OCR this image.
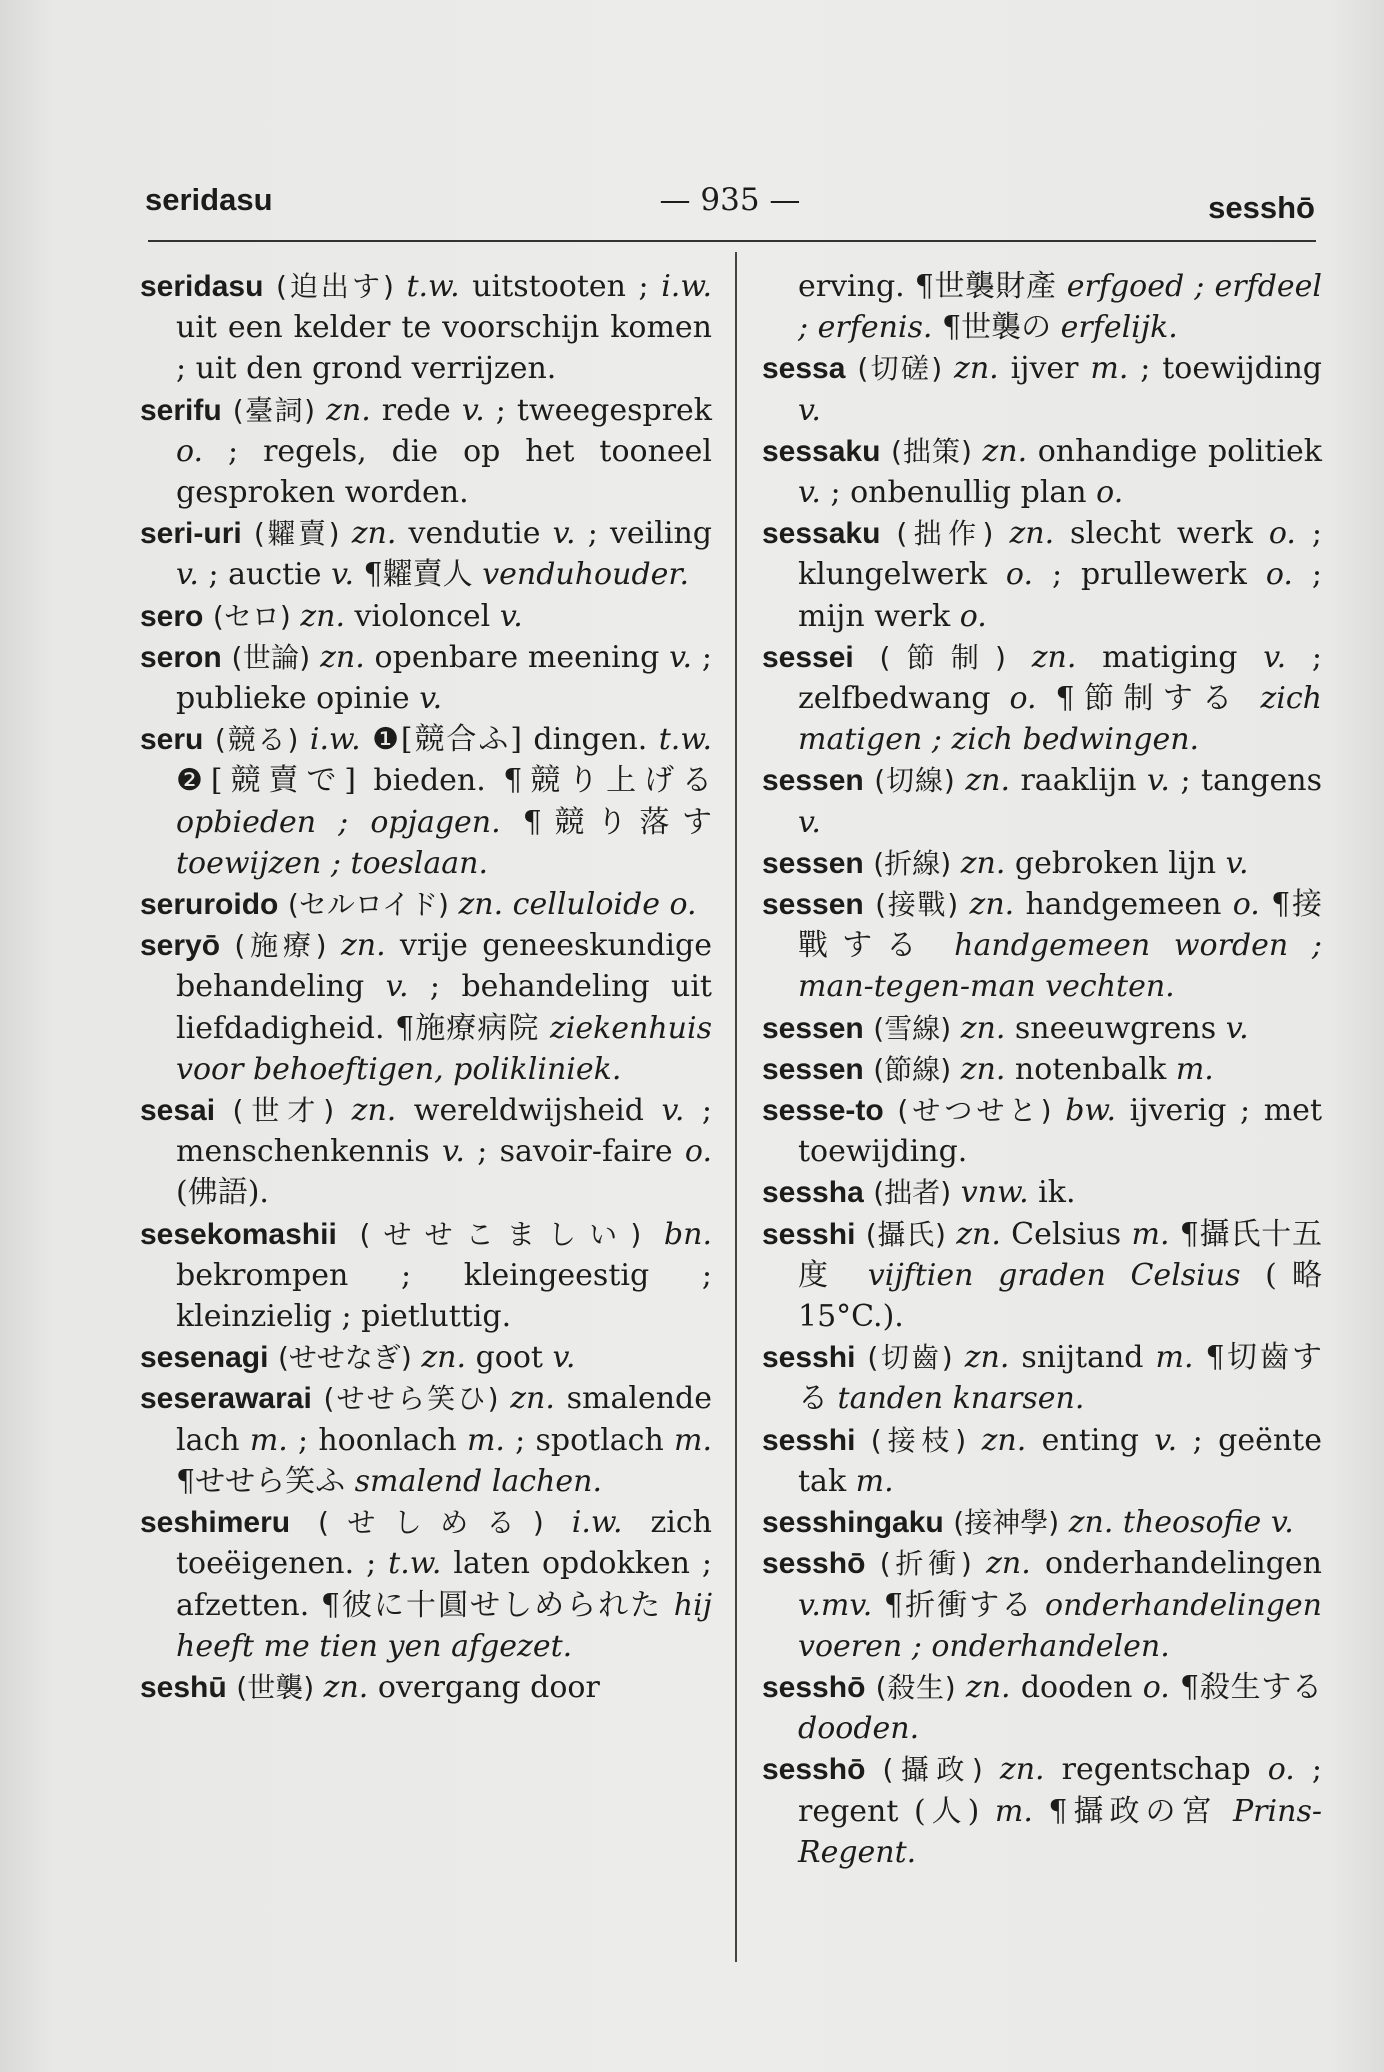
seridasu	— 935 —	sesshō

seridasu (迫出す) t.w. uitstooten ; i.w. uit een kelder te voorschijn komen ; uit den grond verrijzen.

serifu (臺詞) zn. rede v. ; tweegesprek o. ; regels, die op het tooneel gesproken worden.

seri-uri (糶賣) zn. vendutie v. ; veiling v. ; auctie v. ¶糶賣人 venduhouder.

sero (セロ) zn. violoncel v.

seron (世論) zn. openbare meening v. ; publieke opinie v.

seru (競る) i.w. ❶[競合ふ] dingen. t.w. ❷[競賣で] bieden. ¶競り上げる opbieden ; opjagen. ¶競り落す toewijzen ; toeslaan.

seruroido (セルロイド) zn. celluloide o.

seryō (施療) zn. vrije geneeskundige behandeling v. ; behandeling uit liefdadigheid. ¶施療病院 ziekenhuis voor behoeftigen, polikliniek.

sesai (世才) zn. wereldwijsheid v. ; menschenkennis v. ; savoir-faire o. (佛語).

sesekomashii (せせこましい) bn. bekrompen ; kleingeestig ; kleinzielig ; pietluttig.

sesenagi (せせなぎ) zn. goot v.

seserawarai (せせら笑ひ) zn. smalende lach m. ; hoonlach m. ; spotlach m. ¶せせら笑ふ smalend lachen.

seshimeru (せしめる) i.w. zich toeëigenen. ; t.w. laten opdokken ; afzetten. ¶彼に十圓せしめられた hij heeft me tien yen afgezet.

seshū (世襲) zn. overgang door

erving. ¶世襲財產 erfgoed ; erfdeel ; erfenis. ¶世襲の erfelijk.

sessa (切磋) zn. ijver m. ; toewijding v.

sessaku (拙策) zn. onhandige politiek v. ; onbenullig plan o.

sessaku (拙作) zn. slecht werk o. ; klungelwerk o. ; prullewerk o. ; mijn werk o.

sessei (節制) zn. matiging v. ; zelfbedwang o. ¶節制する zich matigen ; zich bedwingen.

sessen (切線) zn. raaklijn v. ; tangens v.

sessen (折線) zn. gebroken lijn v.

sessen (接戰) zn. handgemeen o. ¶接戰する handgemeen worden ; man-tegen-man vechten.

sessen (雪線) zn. sneeuwgrens v.

sessen (節線) zn. notenbalk m.

sesse-to (せつせと) bw. ijverig ; met toewijding.

sessha (拙者) vnw. ik.

sesshi (攝氏) zn. Celsius m. ¶攝氏十五度 vijftien graden Celsius (略 15°C.).

sesshi (切齒) zn. snijtand m. ¶切齒する tanden knarsen.

sesshi (接枝) zn. enting v. ; geënte tak m.

sesshingaku (接神學) zn. theosofie v.

sesshō (折衝) zn. onderhandelingen v.mv. ¶折衝する onderhandelingen voeren ; onderhandelen.

sesshō (殺生) zn. dooden o. ¶殺生する dooden.

sesshō (攝政) zn. regentschap o. ; regent (人) m. ¶攝政の宮 Prins-Regent.
